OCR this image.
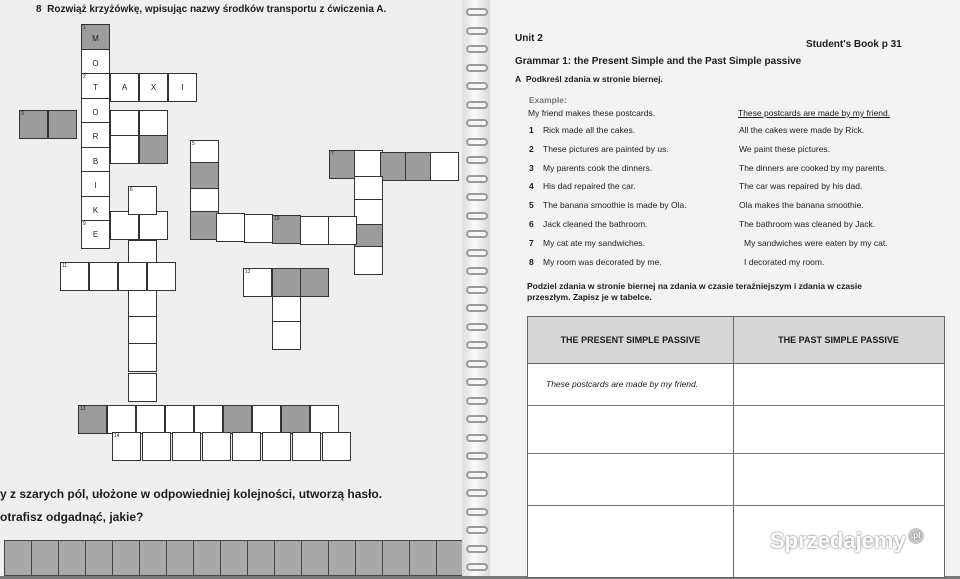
8 Rozwiąż krzyżówkę, wpisując nazwy środków transportu z ćwiczenia A.
1
M
O
2
T
O
R
B
I
K
9
E
A	X	I
3
5
7
10
6
11
12
13
14
y z szarych pól, ułożone w odpowiedniej kolejności, utworzą hasło.
otrafisz odgadnąć, jakie?
Unit 2
Student's Book p 31
Grammar 1: the Present Simple and the Past Simple passive
A Podkreśl zdania w stronie biernej.
Example:
My friend makes these postcards.	These postcards are made by my friend.
1 Rick made all the cakes.	All the cakes were made by Rick.
2 These pictures are painted by us.	We paint these pictures.
3 My parents cook the dinners.	The dinners are cooked by my parents.
4 His dad repaired the car.	The car was repaired by his dad.
5 The banana smoothie is made by Ola.	Ola makes the banana smoothie.
6 Jack cleaned the bathroom.	The bathroom was cleaned by Jack.
7 My cat ate my sandwiches.	My sandwiches were eaten by my cat.
8 My room was decorated by me.	I decorated my room.
Podziel zdania w stronie biernej na zdania w czasie teraźniejszym i zdania w czasie
przeszłym. Zapisz je w tabelce.
THE PRESENT SIMPLE PASSIVE	THE PAST SIMPLE PASSIVE
These postcards are made by my friend.
Sprzedajemy .pl
